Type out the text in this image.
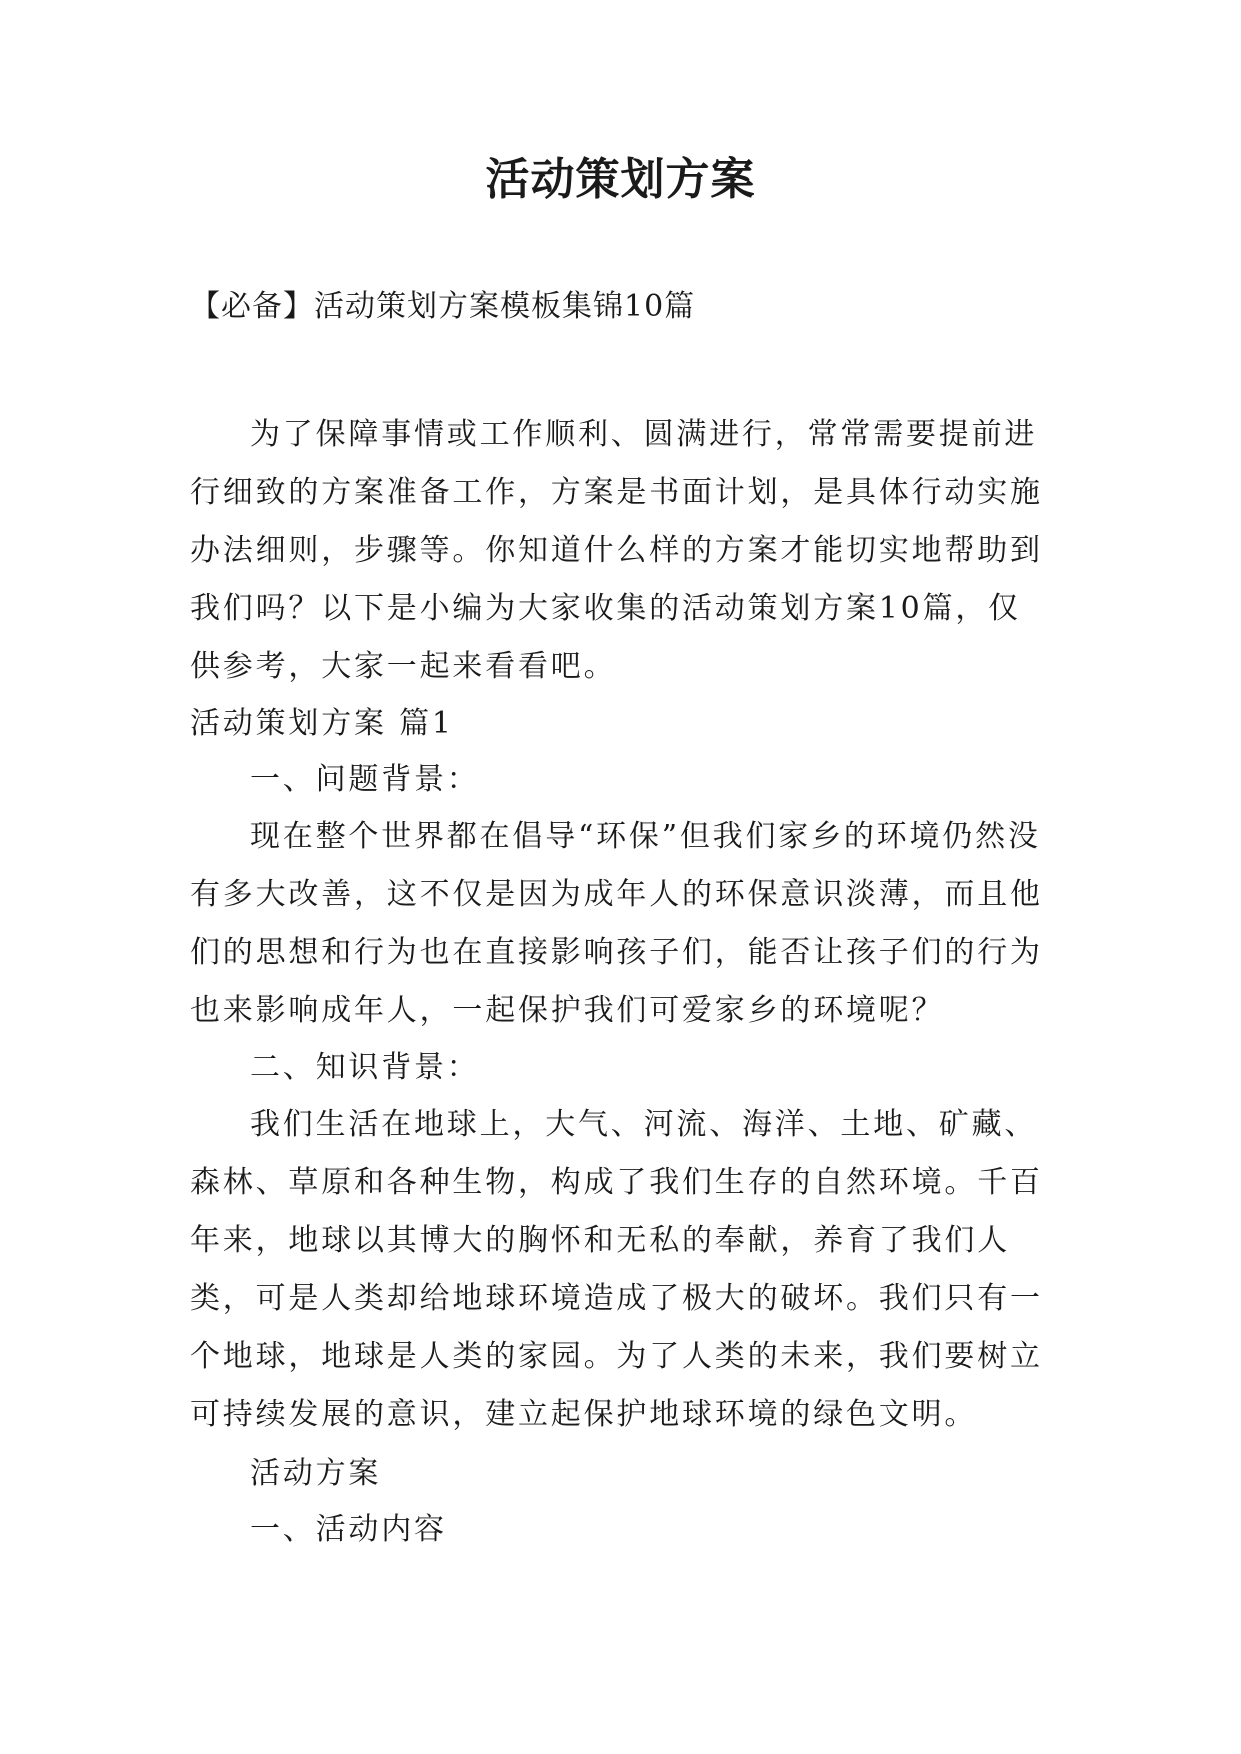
活动策划方案
【必备】活动策划方案模板集锦10篇

为了保障事情或工作顺利、圆满进行，常常需要提前进行细致的方案准备工作，方案是书面计划，是具体行动实施办法细则，步骤等。你知道什么样的方案才能切实地帮助到我们吗？以下是小编为大家收集的活动策划方案10篇，仅供参考，大家一起来看看吧。

活动策划方案 篇1

一、问题背景：

现在整个世界都在倡导“环保”但我们家乡的环境仍然没有多大改善，这不仅是因为成年人的环保意识淡薄，而且他们的思想和行为也在直接影响孩子们，能否让孩子们的行为也来影响成年人，一起保护我们可爱家乡的环境呢？

二、知识背景：

我们生活在地球上，大气、河流、海洋、土地、矿藏、森林、草原和各种生物，构成了我们生存的自然环境。千百年来，地球以其博大的胸怀和无私的奉献，养育了我们人类，可是人类却给地球环境造成了极大的破坏。我们只有一个地球，地球是人类的家园。为了人类的未来，我们要树立可持续发展的意识，建立起保护地球环境的绿色文明。

活动方案

一、活动内容
